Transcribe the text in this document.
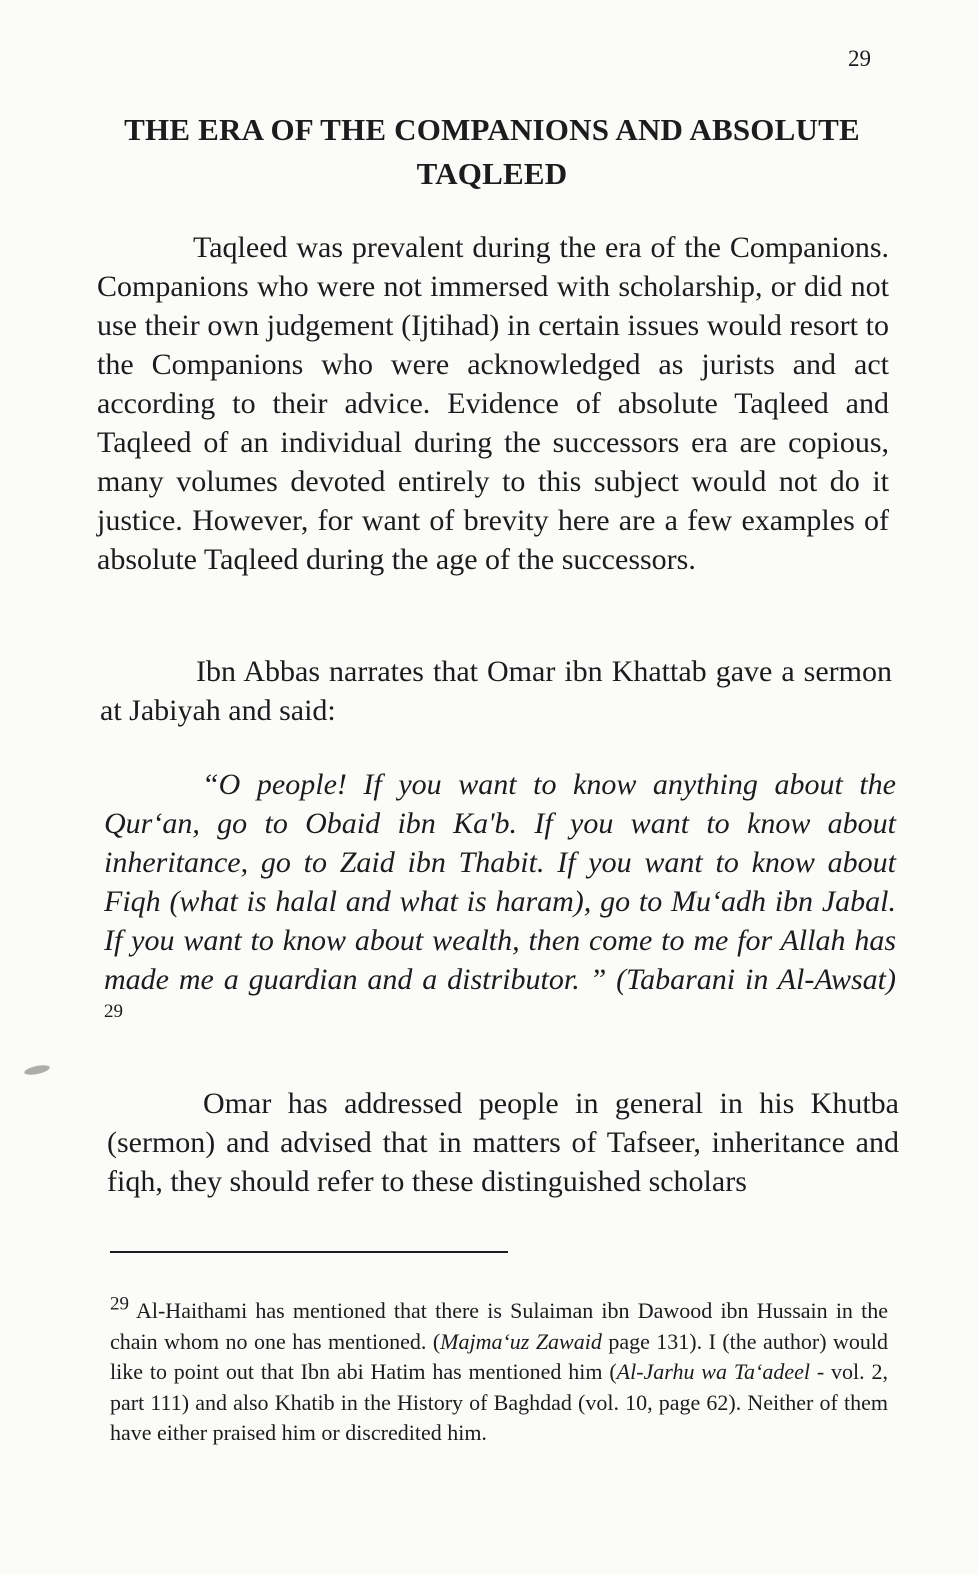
29
THE ERA OF THE COMPANIONS AND ABSOLUTE
TAQLEED

Taqleed was prevalent during the era of the Companions. Companions who were not immersed with scholarship, or did not use their own judgement (Ijtihad) in certain issues would resort to the Companions who were acknowledged as jurists and act according to their advice. Evidence of absolute Taqleed and Taqleed of an individual during the successors era are copious, many volumes devoted entirely to this subject would not do it justice. However, for want of brevity here are a few examples of absolute Taqleed during the age of the successors.

Ibn Abbas narrates that Omar ibn Khattab gave a sermon at Jabiyah and said:

“O people! If you want to know anything about the Qur‘an, go to Obaid ibn Ka'b. If you want to know about inheritance, go to Zaid ibn Thabit. If you want to know about Fiqh (what is halal and what is haram), go to Mu‘adh ibn Jabal. If you want to know about wealth, then come to me for Allah has made me a guardian and a distributor. ” (Tabarani in Al-Awsat) $^{29}$

Omar has addressed people in general in his Khutba (sermon) and advised that in matters of Tafseer, inheritance and fiqh, they should refer to these distinguished scholars

$^{29}$ Al-Haithami has mentioned that there is Sulaiman ibn Dawood ibn Hussain in the chain whom no one has mentioned. (Majma‘uz Zawaid page 131). I (the author) would like to point out that Ibn abi Hatim has mentioned him (Al-Jarhu wa Ta‘adeel - vol. 2, part 111) and also Khatib in the History of Baghdad (vol. 10, page 62). Neither of them have either praised him or discredited him.
